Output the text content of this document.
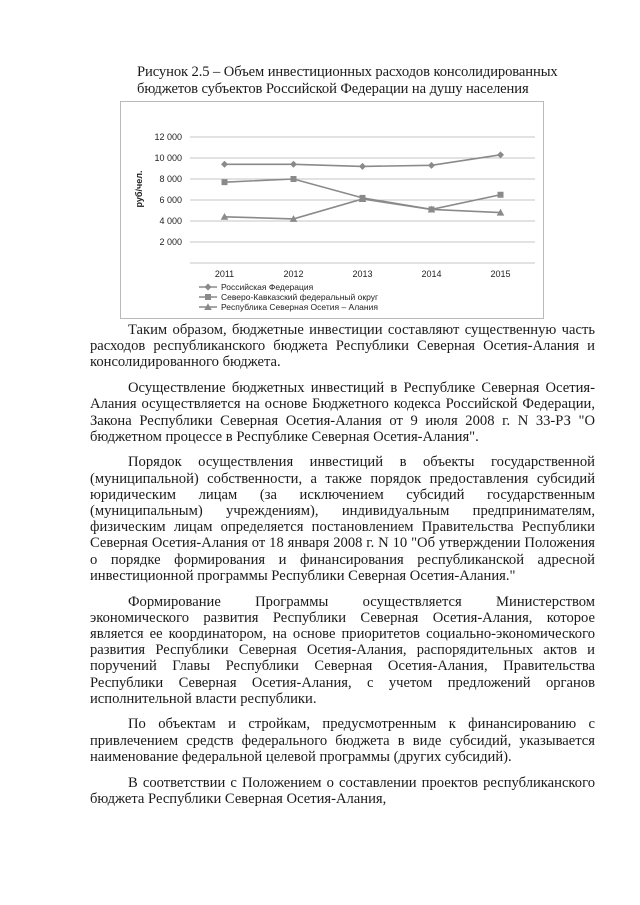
Рисунок 2.5 – Объем инвестиционных расходов консолидированных бюджетов субъектов Российской Федерации на душу населения
2 000
4 000
6 000
8 000
10 000
12 000
2011	2012	2013	2014	2015
Российская Федерация
Северо-Кавказский федеральный округ
Республика Северная Осетия – Алания
руб/чел.

Таким образом, бюджетные инвестиции составляют существенную часть расходов республиканского бюджета Республики Северная Осетия-Алания и консолидированного бюджета.

Осуществление бюджетных инвестиций в Республике Северная Осетия-Алания осуществляется на основе Бюджетного кодекса Российской Федерации, Закона Республики Северная Осетия-Алания от 9 июля 2008 г. N 33-РЗ "О бюджетном процессе в Республике Северная Осетия-Алания".

Порядок осуществления инвестиций в объекты государственной (муниципальной) собственности, а также порядок предоставления субсидий юридическим лицам (за исключением субсидий государственным (муниципальным) учреждениям), индивидуальным предпринимателям, физическим лицам определяется постановлением Правительства Республики Северная Осетия-Алания от 18 января 2008 г. N 10 "Об утверждении Положения о порядке формирования и финансирования республиканской адресной инвестиционной программы Республики Северная Осетия-Алания."

Формирование Программы осуществляется Министерством экономического развития Республики Северная Осетия-Алания, которое является ее координатором, на основе приоритетов социально-экономического развития Республики Северная Осетия-Алания, распорядительных актов и поручений Главы Республики Северная Осетия-Алания, Правительства Республики Северная Осетия-Алания, с учетом предложений органов исполнительной власти республики.

По объектам и стройкам, предусмотренным к финансированию с привлечением средств федерального бюджета в виде субсидий, указывается наименование федеральной целевой программы (других субсидий).

В соответствии с Положением о составлении проектов республиканского бюджета Республики Северная Осетия-Алания,
